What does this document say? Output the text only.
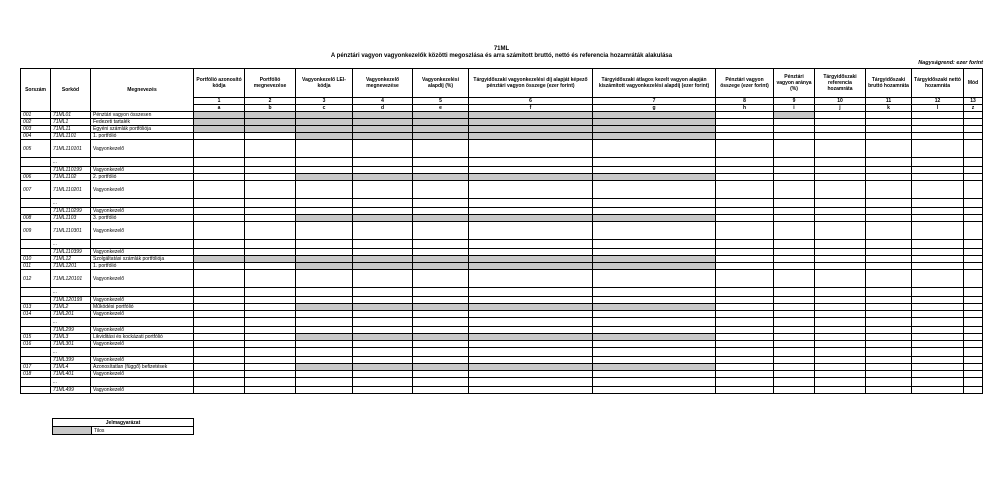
71ML
A pénztári vagyon vagyonkezelők közötti megoszlása és arra számított bruttó, nettó és referencia hozamráták alakulása
Nagyságrend: ezer forint
Sorszám	Sorkód	Megnevezés	Portfólió azonosító kódja	Portfólió megnevezése	Vagyonkezelő LEI-kódja	Vagyonkezelő megnevezése	Vagyonkezelési alapdíj (%)	Tárgyidőszaki vagyonkezelési díj alapját képező pénztári vagyon összege (ezer forint)	Tárgyidőszaki átlagos kezelt vagyon alapján kiszámított vagyonkezelési alapdíj (ezer forint)	Pénztári vagyon összege (ezer forint)	Pénztári vagyon aránya (%)	Tárgyidőszaki referencia hozamráta	Tárgyidőszaki bruttó hozamráta	Tárgyidőszaki nettó hozamráta	Mód
			1	2	3	4	5	6	7	8	9	10	11	12	13
			a	b	c	d	e	f	g	h	i	j	k	l	z
001	71ML01	Pénztári vagyon összesen													
002	71ML1	Fedezeti tartalék													
003	71ML11	Egyéni számlák portfóliója													
004	71ML1101	1. portfólió													
005	71ML110101	Vagyonkezelő													
	...														
	71ML110199	Vagyonkezelő													
006	71ML1102	2. portfólió													
007	71ML110201	Vagyonkezelő													
	...														
	71ML110299	Vagyonkezelő													
008	71ML1103	3. portfólió													
009	71ML110301	Vagyonkezelő													
	...														
	71ML110399	Vagyonkezelő													
010	71ML12	Szolgáltatási számlák portfóliója													
011	71ML1201	1. portfólió													
012	71ML120101	Vagyonkezelő													
	...														
	71ML120199	Vagyonkezelő													
013	71ML2	Működési portfólió													
014	71ML201	Vagyonkezelő													
	...														
	71ML299	Vagyonkezelő													
015	71ML3	Likviditási és kockázati portfólió													
016	71ML301	Vagyonkezelő													
	...														
	71ML399	Vagyonkezelő													
017	71ML4	Azonosítatlan (függő) befizetések													
018	71ML401	Vagyonkezelő													
	...														
	71ML499	Vagyonkezelő													
Jelmagyarázat
	Tilos
